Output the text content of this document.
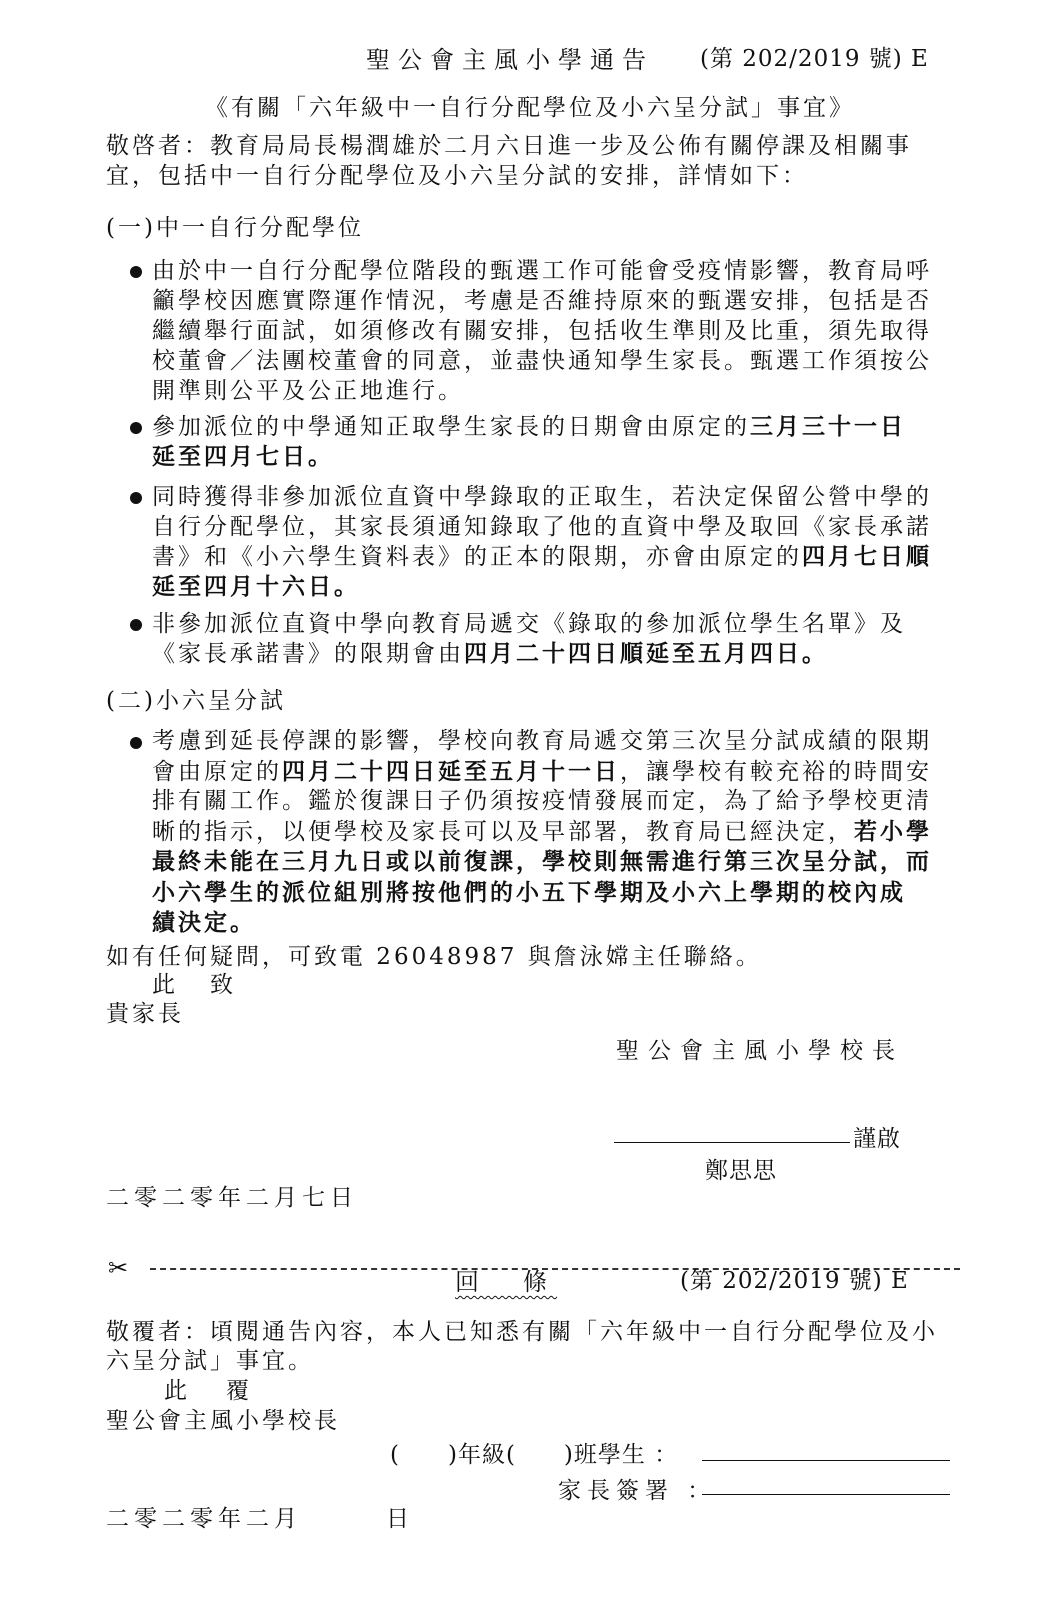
聖公會主風小學通告 (第 202/2019 號) E
《有關「六年級中一自行分配學位及小六呈分試」事宜》
敬啓者：教育局局長楊潤雄於二月六日進一步及公佈有關停課及相關事
宜，包括中一自行分配學位及小六呈分試的安排，詳情如下：
(一)中一自行分配學位
由於中一自行分配學位階段的甄選工作可能會受疫情影響，教育局呼
籲學校因應實際運作情況，考慮是否維持原來的甄選安排，包括是否
繼續舉行面試，如須修改有關安排，包括收生準則及比重，須先取得
校董會／法團校董會的同意，並盡快通知學生家長。甄選工作須按公
開準則公平及公正地進行。
參加派位的中學通知正取學生家長的日期會由原定的三月三十一日
延至四月七日。
同時獲得非參加派位直資中學錄取的正取生，若決定保留公營中學的
自行分配學位，其家長須通知錄取了他的直資中學及取回《家長承諾
書》和《小六學生資料表》的正本的限期，亦會由原定的四月七日順
延至四月十六日。
非參加派位直資中學向教育局遞交《錄取的參加派位學生名單》及
《家長承諾書》的限期會由四月二十四日順延至五月四日。
(二)小六呈分試
考慮到延長停課的影響，學校向教育局遞交第三次呈分試成績的限期
會由原定的四月二十四日延至五月十一日，讓學校有較充裕的時間安
排有關工作。鑑於復課日子仍須按疫情發展而定，為了給予學校更清
晰的指示，以便學校及家長可以及早部署，教育局已經決定，若小學
最終未能在三月九日或以前復課，學校則無需進行第三次呈分試，而
小六學生的派位組別將按他們的小五下學期及小六上學期的校內成
績決定。
如有任何疑問，可致電 26048987 與詹泳嫦主任聯絡。
此　致
貴家長
聖公會主風小學校長
謹啟
鄭思思
二零二零年二月七日
✂	回　條	(第 202/2019 號) E
敬覆者：頃閱通告內容，本人已知悉有關「六年級中一自行分配學位及小
六呈分試」事宜。
此　覆
聖公會主風小學校長
(　　)年級(　　)班學生 ：
家長簽署 ：
二零二零年二月　　　日
